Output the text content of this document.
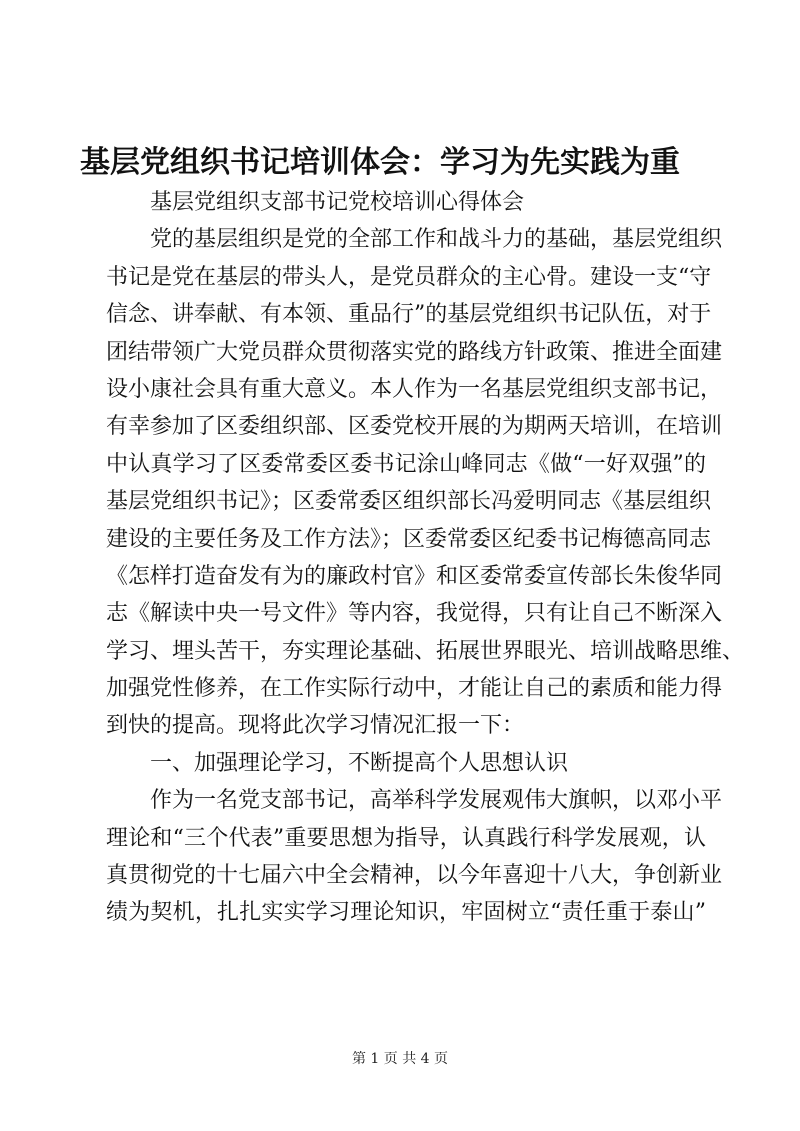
基层党组织书记培训体会：学习为先实践为重
基层党组织支部书记党校培训心得体会
党的基层组织是党的全部工作和战斗力的基础，基层党组织
书记是党在基层的带头人，是党员群众的主心骨。建设一支“守
信念、讲奉献、有本领、重品行”的基层党组织书记队伍，对于
团结带领广大党员群众贯彻落实党的路线方针政策、推进全面建
设小康社会具有重大意义。本人作为一名基层党组织支部书记，
有幸参加了区委组织部、区委党校开展的为期两天培训，在培训
中认真学习了区委常委区委书记涂山峰同志《做“一好双强”的
基层党组织书记》；区委常委区组织部长冯爱明同志《基层组织
建设的主要任务及工作方法》；区委常委区纪委书记梅德高同志
《怎样打造奋发有为的廉政村官》和区委常委宣传部长朱俊华同
志《解读中央一号文件》等内容，我觉得，只有让自己不断深入
学习、埋头苦干，夯实理论基础、拓展世界眼光、培训战略思维、
加强党性修养，在工作实际行动中，才能让自己的素质和能力得
到快的提高。现将此次学习情况汇报一下：
一、加强理论学习，不断提高个人思想认识
作为一名党支部书记，高举科学发展观伟大旗帜，以邓小平
理论和“三个代表”重要思想为指导，认真践行科学发展观，认
真贯彻党的十七届六中全会精神，以今年喜迎十八大，争创新业
绩为契机，扎扎实实学习理论知识，牢固树立“责任重于泰山”
第 1 页 共 4 页
